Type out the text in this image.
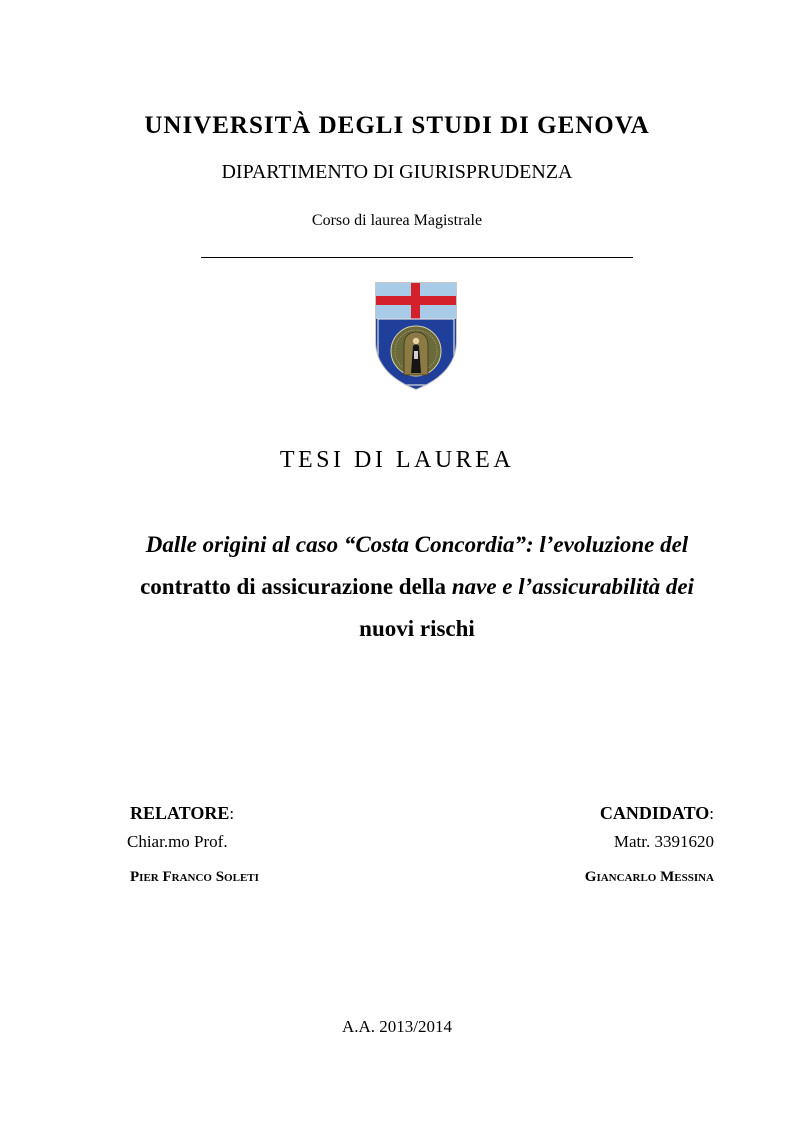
UNIVERSITÀ DEGLI STUDI DI GENOVA
DIPARTIMENTO DI GIURISPRUDENZA
Corso di laurea Magistrale
TESI DI LAUREA
Dalle origini al caso “Costa Concordia”: l’evoluzione del
contratto di assicurazione della nave e l’assicurabilità dei
nuovi rischi
RELATORE:
Chiar.mo Prof.
Pier Franco Soleti
CANDIDATO:
Matr. 3391620
Giancarlo Messina
A.A. 2013/2014
